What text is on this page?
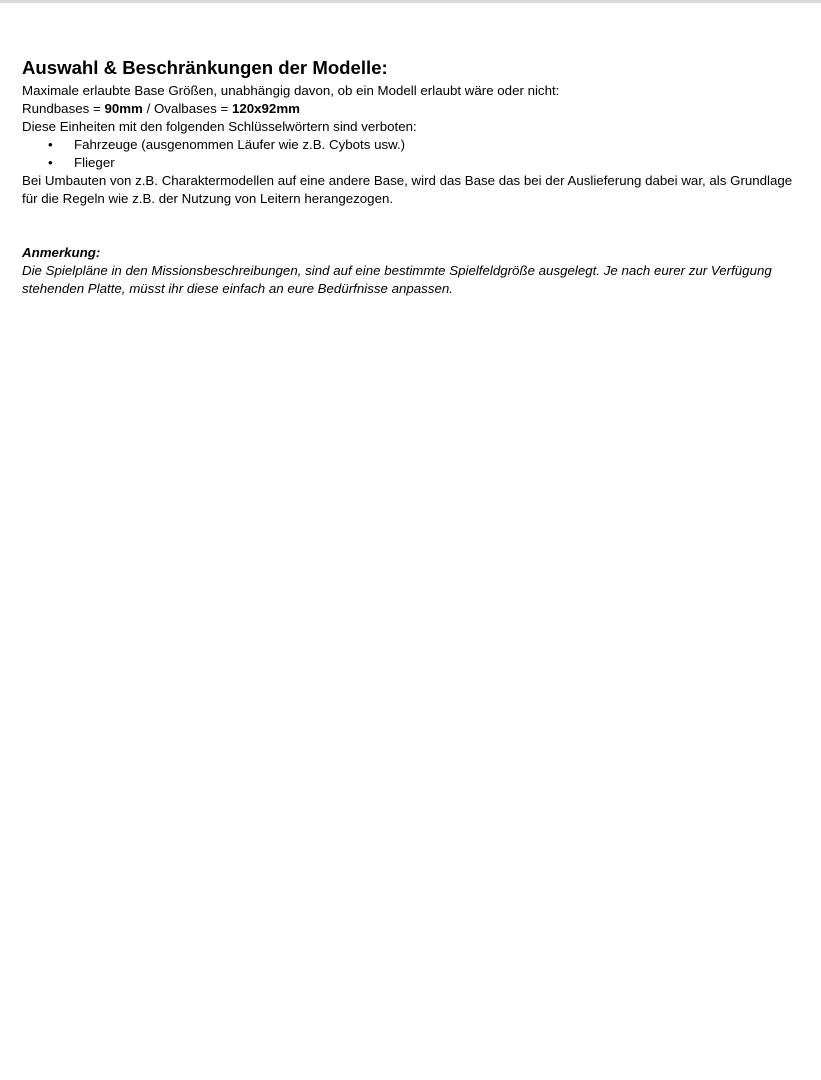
Auswahl & Beschränkungen der Modelle:

Maximale erlaubte Base Größen, unabhängig davon, ob ein Modell erlaubt wäre oder nicht:

Rundbases = 90mm / Ovalbases = 120x92mm

Diese Einheiten mit den folgenden Schlüsselwörtern sind verboten:

• Fahrzeuge (ausgenommen Läufer wie z.B. Cybots usw.)
• Flieger

Bei Umbauten von z.B. Charaktermodellen auf eine andere Base, wird das Base das bei der Auslieferung dabei war, als Grundlage für die Regeln wie z.B. der Nutzung von Leitern herangezogen.

Anmerkung:

Die Spielpläne in den Missionsbeschreibungen, sind auf eine bestimmte Spielfeldgröße ausgelegt. Je nach eurer zur Verfügung stehenden Platte, müsst ihr diese einfach an eure Bedürfnisse anpassen.
